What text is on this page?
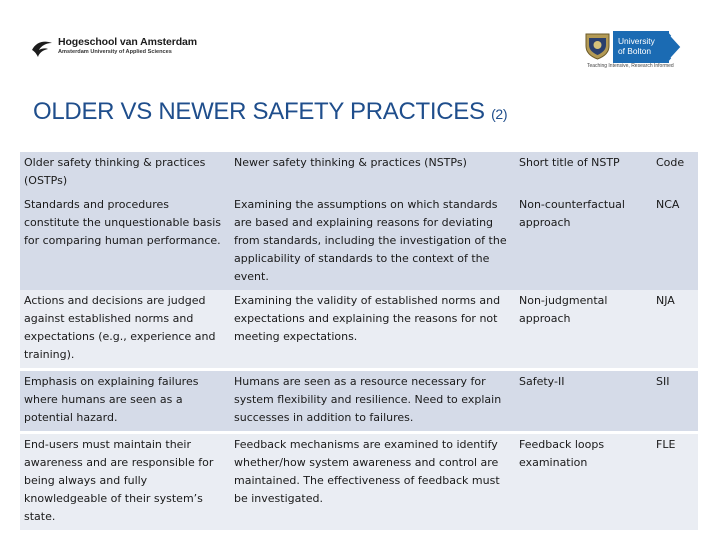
Hogeschool van Amsterdam
Amsterdam University of Applied Sciences
University
of Bolton
Teaching Intensive, Research Informed
OLDER VS NEWER SAFETY PRACTICES (2)
Older safety thinking & practices (OSTPs)	Newer safety thinking & practices (NSTPs)	Short title of NSTP	Code
Standards and procedures constitute the unquestionable basis for comparing human performance.	Examining the assumptions on which standards are based and explaining reasons for deviating from standards, including the investigation of the applicability of standards to the context of the event.	Non-counterfactual approach	NCA
Actions and decisions are judged against established norms and expectations (e.g., experience and training).	Examining the validity of established norms and expectations and explaining the reasons for not meeting expectations.	Non-judgmental approach	NJA
Emphasis on explaining failures where humans are seen as a potential hazard.	Humans are seen as a resource necessary for system flexibility and resilience. Need to explain successes in addition to failures.	Safety-II	SII
End-users must maintain their awareness and are responsible for being always and fully knowledgeable of their system’s state.	Feedback mechanisms are examined to identify whether/how system awareness and control are maintained. The effectiveness of feedback must be investigated.	Feedback loops examination	FLE
